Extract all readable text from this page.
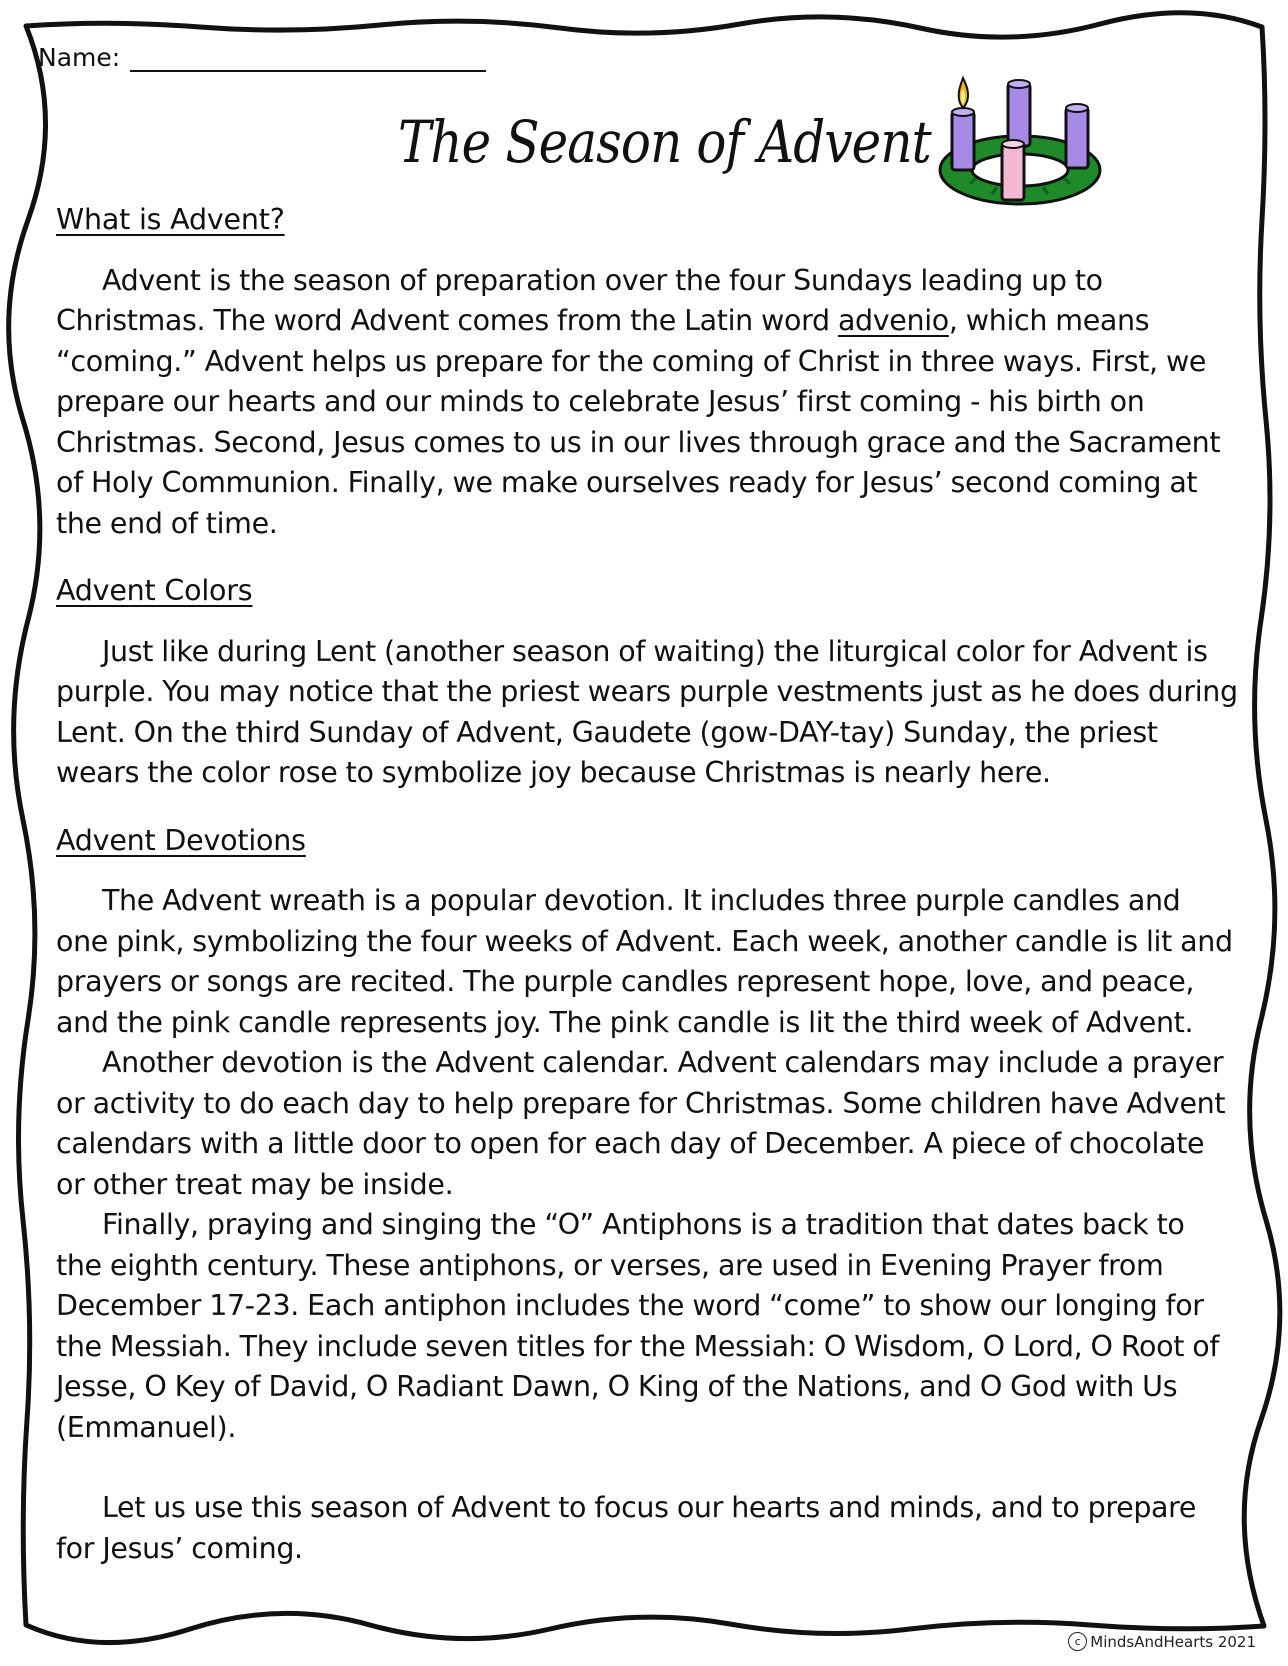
Name:
The Season of Advent
What is Advent?

Advent is the season of preparation over the four Sundays leading up to Christmas. The word Advent comes from the Latin word advenio, which means “coming.” Advent helps us prepare for the coming of Christ in three ways. First, we prepare our hearts and our minds to celebrate Jesus’ first coming - his birth on Christmas. Second, Jesus comes to us in our lives through grace and the Sacrament of Holy Communion. Finally, we make ourselves ready for Jesus’ second coming at the end of time.

Advent Colors

Just like during Lent (another season of waiting) the liturgical color for Advent is purple. You may notice that the priest wears purple vestments just as he does during Lent. On the third Sunday of Advent, Gaudete (gow-DAY-tay) Sunday, the priest wears the color rose to symbolize joy because Christmas is nearly here.

Advent Devotions

The Advent wreath is a popular devotion. It includes three purple candles and one pink, symbolizing the four weeks of Advent. Each week, another candle is lit and prayers or songs are recited. The purple candles represent hope, love, and peace, and the pink candle represents joy. The pink candle is lit the third week of Advent.

Another devotion is the Advent calendar. Advent calendars may include a prayer or activity to do each day to help prepare for Christmas. Some children have Advent calendars with a little door to open for each day of December. A piece of chocolate or other treat may be inside.

Finally, praying and singing the “O” Antiphons is a tradition that dates back to the eighth century. These antiphons, or verses, are used in Evening Prayer from December 17-23. Each antiphon includes the word “come” to show our longing for the Messiah. They include seven titles for the Messiah: O Wisdom, O Lord, O Root of Jesse, O Key of David, O Radiant Dawn, O King of the Nations, and O God with Us (Emmanuel).

Let us use this season of Advent to focus our hearts and minds, and to prepare for Jesus’ coming.

c MindsAndHearts 2021
